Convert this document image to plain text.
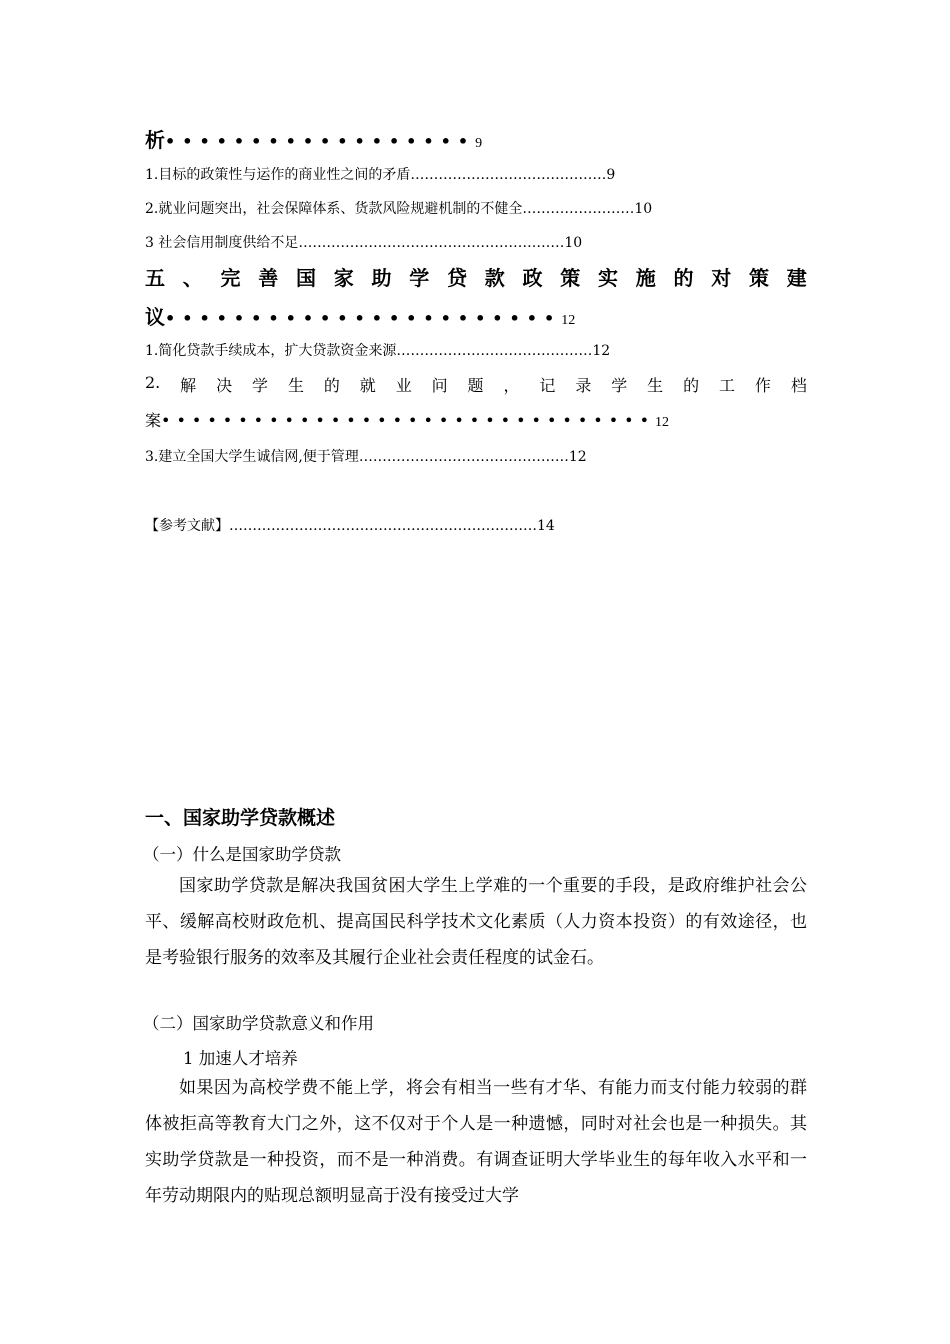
析••••••••••••••••••9
1.目标的政策性与运作的商业性之间的矛盾……………………………………9
2.就业问题突出，社会保障体系、货款风险规避机制的不健全……………………10
3 社会信用制度供给不足…………………………………………………10
五 、 完 善 国 家 助 学 贷 款 政 策 实 施 的 对 策 建
议•••••••••••••••••••••••12
1.简化贷款手续成本，扩大贷款资金来源……………………………………12
2. 解 决 学 生 的 就 业 问 题 ， 记 录 学 生 的 工 作 档
案••••••••••••••••••••••••••••••••12
3.建立全国大学生诚信网,便于管理………………………………………12
【参考文献】…………………………………………………………14
一、国家助学贷款概述
（一）什么是国家助学贷款
国家助学贷款是解决我国贫困大学生上学难的一个重要的手段，是政府维护社会公平、缓解高校财政危机、提高国民科学技术文化素质（人力资本投资）的有效途径，也是考验银行服务的效率及其履行企业社会责任程度的试金石。
（二）国家助学贷款意义和作用
1 加速人才培养
如果因为高校学费不能上学，将会有相当一些有才华、有能力而支付能力较弱的群体被拒高等教育大门之外，这不仅对于个人是一种遗憾，同时对社会也是一种损失。其实助学贷款是一种投资，而不是一种消费。有调查证明大学毕业生的每年收入水平和一年劳动期限内的贴现总额明显高于没有接受过大学
